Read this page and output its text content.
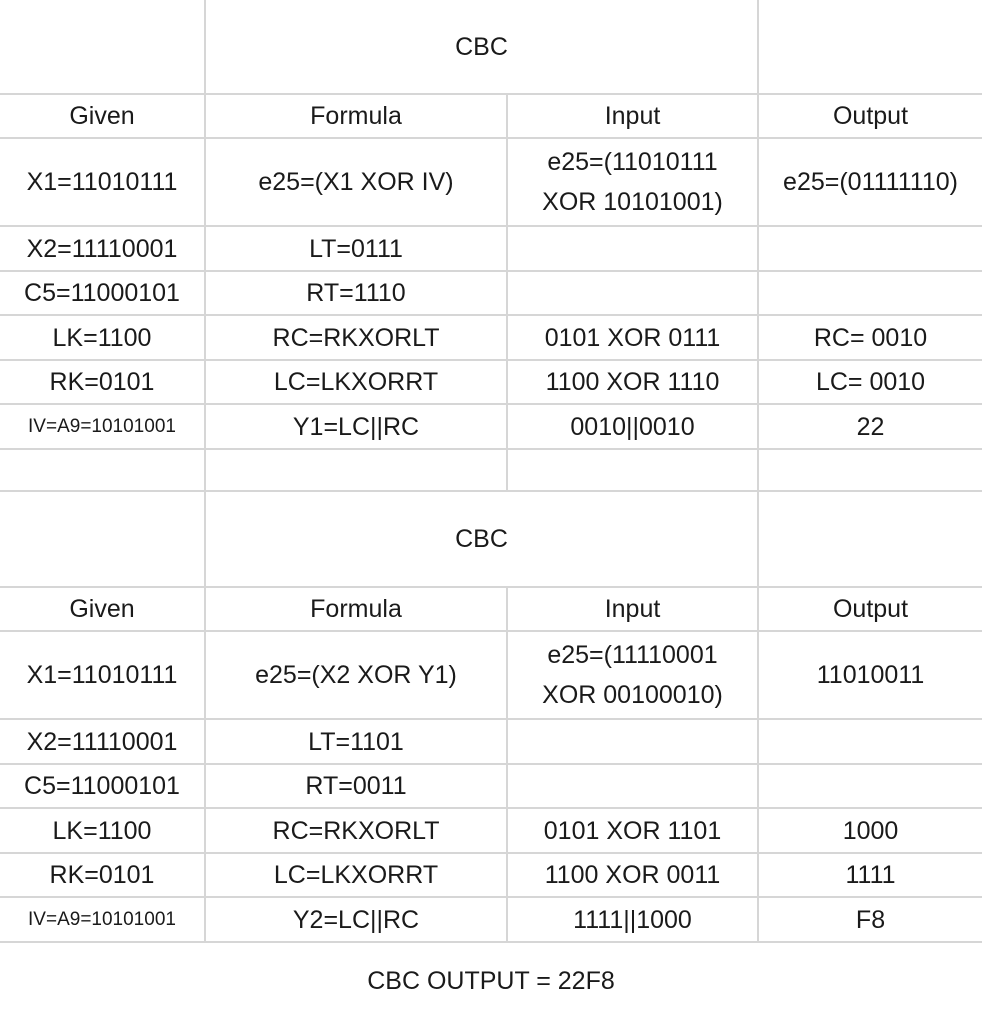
	CBC		
Given	Formula	Input	Output
X1=11010111	e25=(X1 XOR IV)	e25=(11010111
XOR 10101001)	e25=(01111110)
X2=11110001	LT=0111		
C5=11000101	RT=1110		
LK=1100	RC=RKXORLT	0101 XOR 0111	RC= 0010
RK=0101	LC=LKXORRT	1100 XOR 1110	LC= 0010
IV=A9=10101001	Y1=LC||RC	0010||0010	22

	CBC		
Given	Formula	Input	Output
X1=11010111	e25=(X2 XOR Y1)	e25=(11110001
XOR 00100010)	11010011
X2=11110001	LT=1101		
C5=11000101	RT=0011		
LK=1100	RC=RKXORLT	0101 XOR 1101	1000
RK=0101	LC=LKXORRT	1100 XOR 0011	1111
IV=A9=10101001	Y2=LC||RC	1111||1000	F8
CBC OUTPUT = 22F8			
